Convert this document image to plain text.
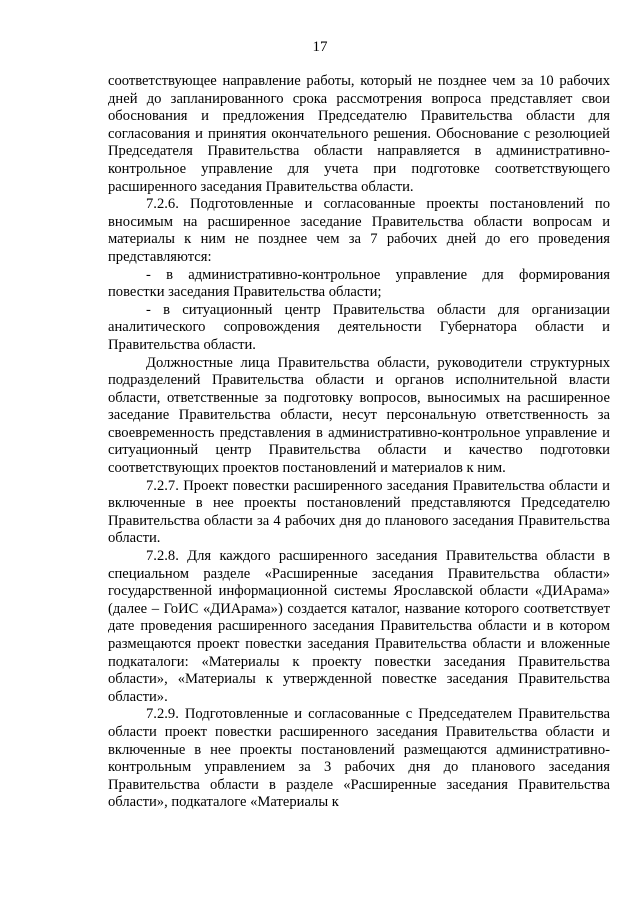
17

соответствующее направление работы, который не позднее чем за 10 рабочих дней до запланированного срока рассмотрения вопроса представляет свои обоснования и предложения Председателю Правительства области для согласования и принятия окончательного решения. Обоснование с резолюцией Председателя Правительства области направляется в административно-контрольное управление для учета при подготовке соответствующего расширенного заседания Правительства области.

7.2.6. Подготовленные и согласованные проекты постановлений по вносимым на расширенное заседание Правительства области вопросам и материалы к ним не позднее чем за 7 рабочих дней до его проведения представляются:

- в административно-контрольное управление для формирования повестки заседания Правительства области;

- в ситуационный центр Правительства области для организации аналитического сопровождения деятельности Губернатора области и Правительства области.

Должностные лица Правительства области, руководители структурных подразделений Правительства области и органов исполнительной власти области, ответственные за подготовку вопросов, выносимых на расширенное заседание Правительства области, несут персональную ответственность за своевременность представления в административно-контрольное управление и ситуационный центр Правительства области и качество подготовки соответствующих проектов постановлений и материалов к ним.

7.2.7. Проект повестки расширенного заседания Правительства области и включенные в нее проекты постановлений представляются Председателю Правительства области за 4 рабочих дня до планового заседания Правительства области.

7.2.8. Для каждого расширенного заседания Правительства области в специальном разделе «Расширенные заседания Правительства области» государственной информационной системы Ярославской области «ДИАрама» (далее – ГоИС «ДИАрама») создается каталог, название которого соответствует дате проведения расширенного заседания Правительства области и в котором размещаются проект повестки заседания Правительства области и вложенные подкаталоги: «Материалы к проекту повестки заседания Правительства области», «Материалы к утвержденной повестке заседания Правительства области».

7.2.9. Подготовленные и согласованные с Председателем Правительства области проект повестки расширенного заседания Правительства области и включенные в нее проекты постановлений размещаются административно-контрольным управлением за 3 рабочих дня до планового заседания Правительства области в разделе «Расширенные заседания Правительства области», подкаталоге «Материалы к
